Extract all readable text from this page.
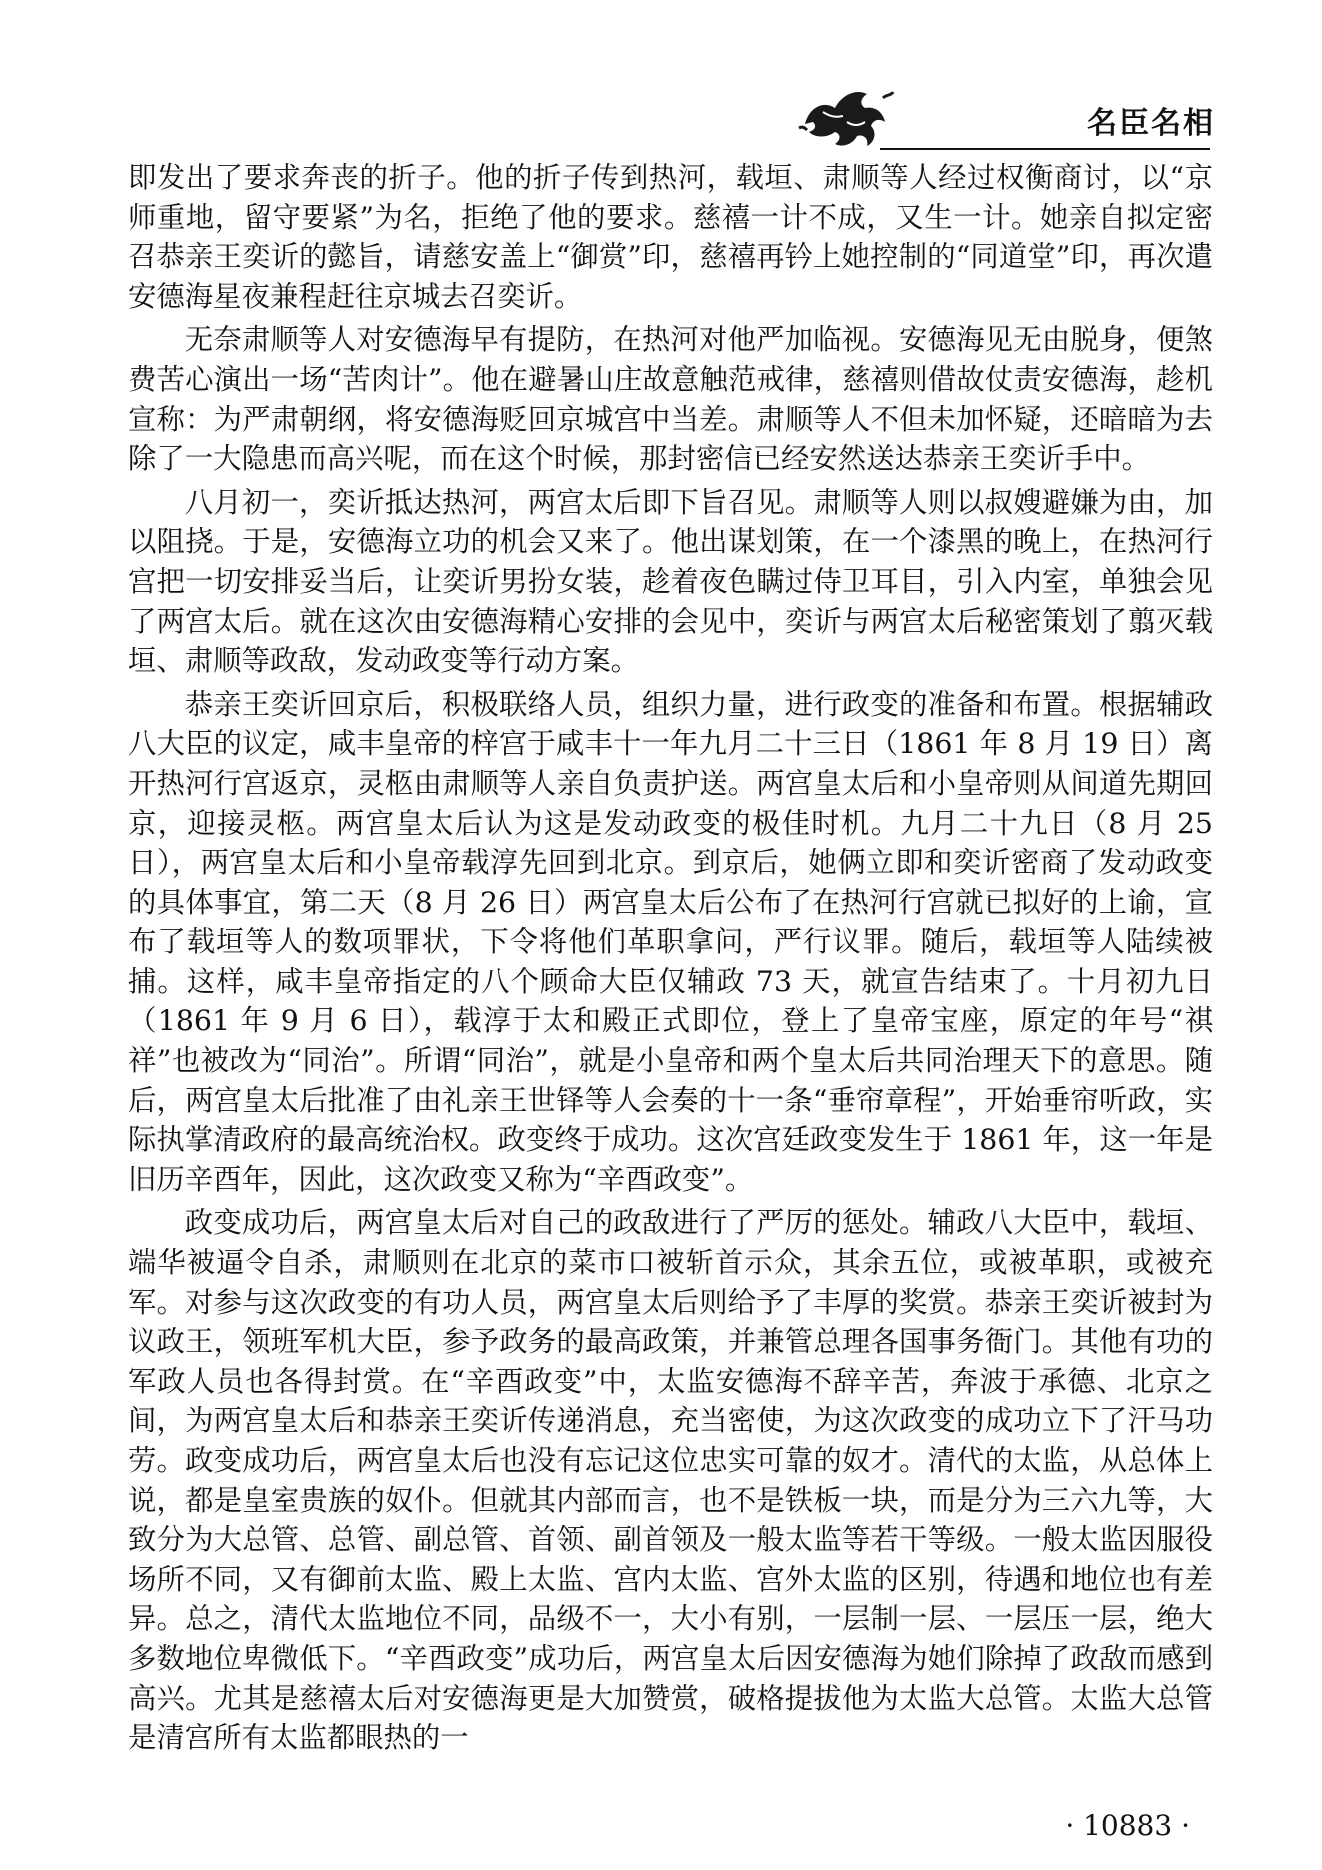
名臣名相

即发出了要求奔丧的折子。他的折子传到热河，载垣、肃顺等人经过权衡商讨，以“京师重地，留守要紧”为名，拒绝了他的要求。慈禧一计不成，又生一计。她亲自拟定密召恭亲王奕䜣的懿旨，请慈安盖上“御赏”印，慈禧再钤上她控制的“同道堂”印，再次遣安德海星夜兼程赶往京城去召奕䜣。

无奈肃顺等人对安德海早有提防，在热河对他严加临视。安德海见无由脱身，便煞费苦心演出一场“苦肉计”。他在避暑山庄故意触范戒律，慈禧则借故仗责安德海，趁机宣称：为严肃朝纲，将安德海贬回京城宫中当差。肃顺等人不但未加怀疑，还暗暗为去除了一大隐患而高兴呢，而在这个时候，那封密信已经安然送达恭亲王奕䜣手中。

八月初一，奕䜣抵达热河，两宫太后即下旨召见。肃顺等人则以叔嫂避嫌为由，加以阻挠。于是，安德海立功的机会又来了。他出谋划策，在一个漆黑的晚上，在热河行宫把一切安排妥当后，让奕䜣男扮女装，趁着夜色瞒过侍卫耳目，引入内室，单独会见了两宫太后。就在这次由安德海精心安排的会见中，奕䜣与两宫太后秘密策划了翦灭载垣、肃顺等政敌，发动政变等行动方案。

恭亲王奕䜣回京后，积极联络人员，组织力量，进行政变的准备和布置。根据辅政八大臣的议定，咸丰皇帝的梓宫于咸丰十一年九月二十三日（1861 年 8 月 19 日）离开热河行宫返京，灵柩由肃顺等人亲自负责护送。两宫皇太后和小皇帝则从间道先期回京，迎接灵柩。两宫皇太后认为这是发动政变的极佳时机。九月二十九日（8 月 25 日），两宫皇太后和小皇帝载淳先回到北京。到京后，她俩立即和奕䜣密商了发动政变的具体事宜，第二天（8 月 26 日）两宫皇太后公布了在热河行宫就已拟好的上谕，宣布了载垣等人的数项罪状，下令将他们革职拿问，严行议罪。随后，载垣等人陆续被捕。这样，咸丰皇帝指定的八个顾命大臣仅辅政 73 天，就宣告结束了。十月初九日（1861 年 9 月 6 日），载淳于太和殿正式即位，登上了皇帝宝座，原定的年号“祺祥”也被改为“同治”。所谓“同治”，就是小皇帝和两个皇太后共同治理天下的意思。随后，两宫皇太后批准了由礼亲王世铎等人会奏的十一条“垂帘章程”，开始垂帘听政，实际执掌清政府的最高统治权。政变终于成功。这次宫廷政变发生于 1861 年，这一年是旧历辛酉年，因此，这次政变又称为“辛酉政变”。

政变成功后，两宫皇太后对自己的政敌进行了严厉的惩处。辅政八大臣中，载垣、端华被逼令自杀，肃顺则在北京的菜市口被斩首示众，其余五位，或被革职，或被充军。对参与这次政变的有功人员，两宫皇太后则给予了丰厚的奖赏。恭亲王奕䜣被封为议政王，领班军机大臣，参予政务的最高政策，并兼管总理各国事务衙门。其他有功的军政人员也各得封赏。在“辛酉政变”中，太监安德海不辞辛苦，奔波于承德、北京之间，为两宫皇太后和恭亲王奕䜣传递消息，充当密使，为这次政变的成功立下了汗马功劳。政变成功后，两宫皇太后也没有忘记这位忠实可靠的奴才。清代的太监，从总体上说，都是皇室贵族的奴仆。但就其内部而言，也不是铁板一块，而是分为三六九等，大致分为大总管、总管、副总管、首领、副首领及一般太监等若干等级。一般太监因服役场所不同，又有御前太监、殿上太监、宫内太监、宫外太监的区别，待遇和地位也有差异。总之，清代太监地位不同，品级不一，大小有别，一层制一层、一层压一层，绝大多数地位卑微低下。“辛酉政变”成功后，两宫皇太后因安德海为她们除掉了政敌而感到高兴。尤其是慈禧太后对安德海更是大加赞赏，破格提拔他为太监大总管。太监大总管是清宫所有太监都眼热的一

· 10883 ·
